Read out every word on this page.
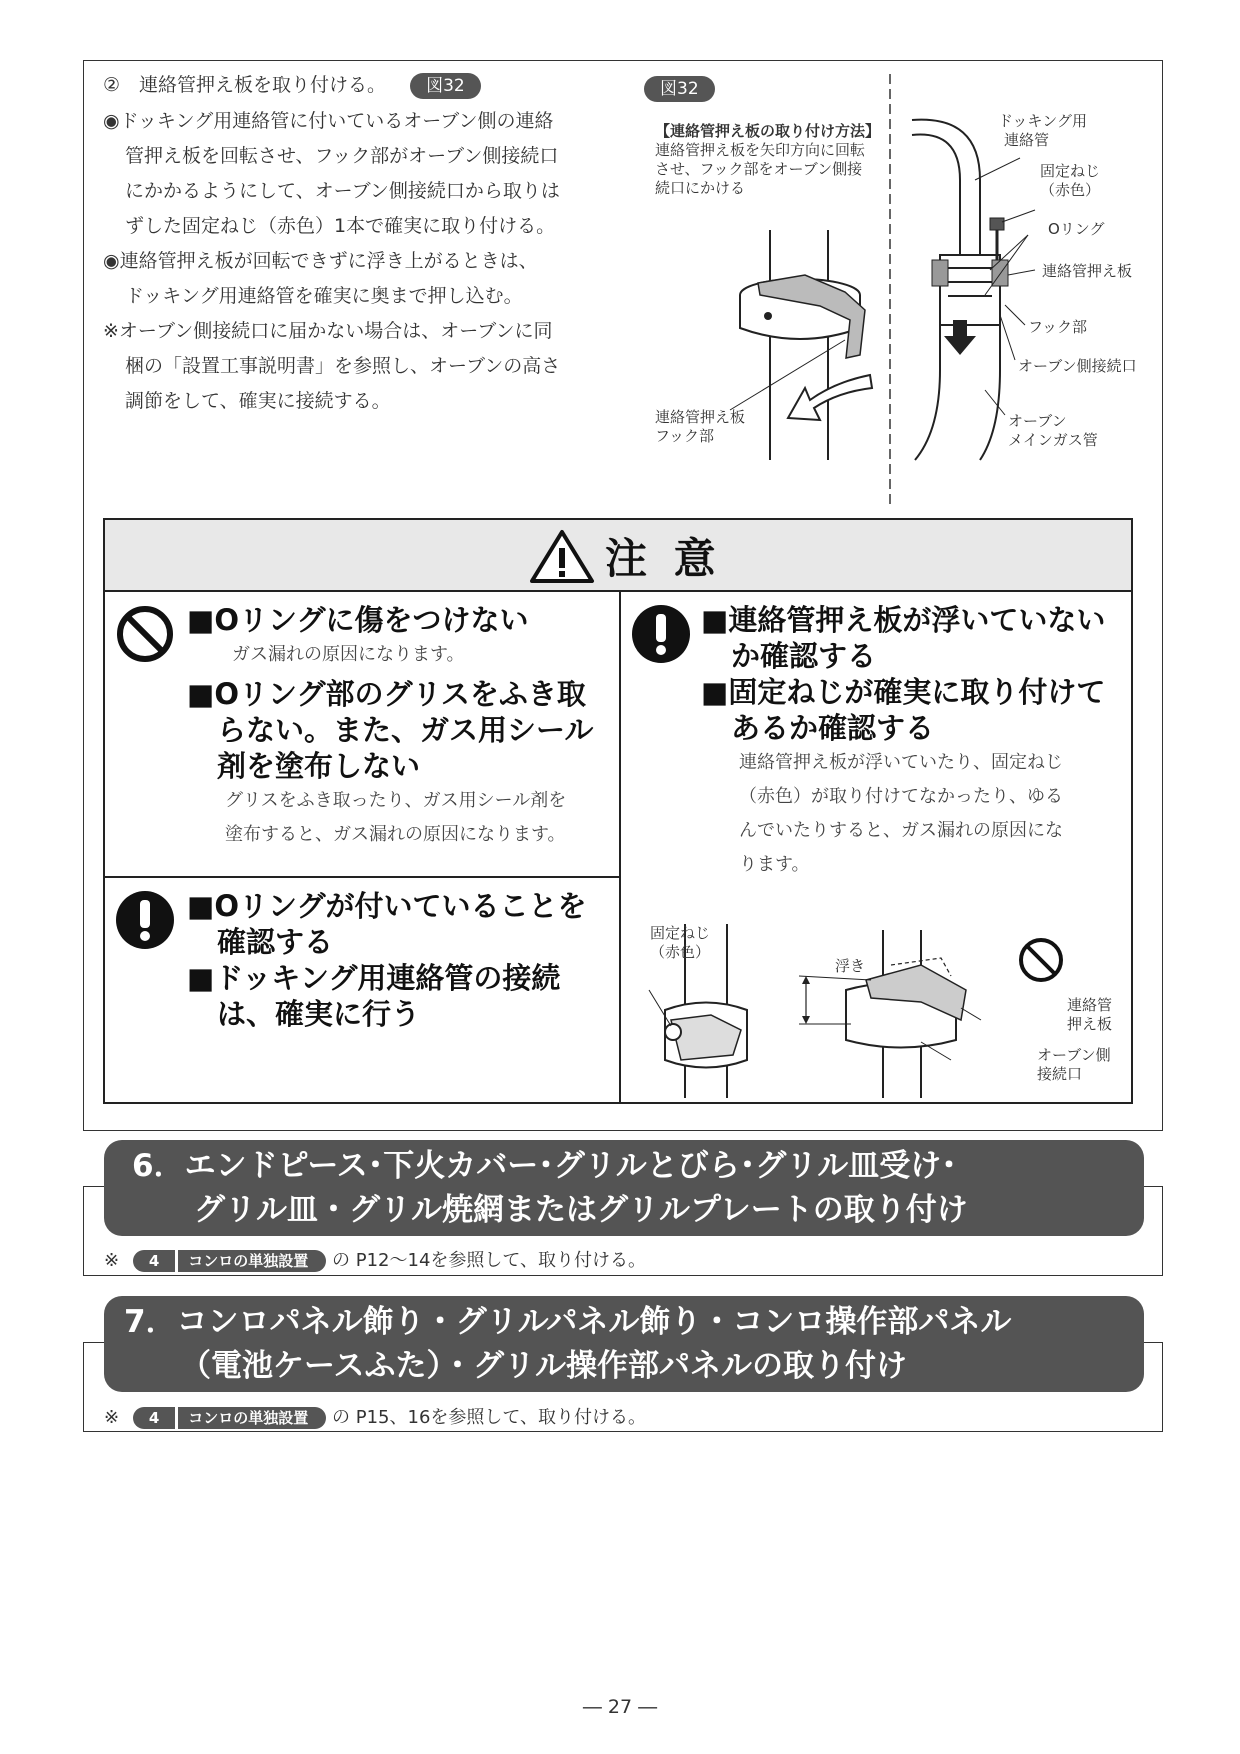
②　連絡管押え板を取り付ける。 図32
◉ドッキング用連絡管に付いているオーブン側の連絡
管押え板を回転させ、フック部がオーブン側接続口
にかかるようにして、オーブン側接続口から取りは
ずした固定ねじ（赤色）1本で確実に取り付ける。
◉連絡管押え板が回転できずに浮き上がるときは、
ドッキング用連絡管を確実に奥まで押し込む。
※オーブン側接続口に届かない場合は、オーブンに同
梱の「設置工事説明書」を参照し、オーブンの高さ
調節をして、確実に接続する。
図32
【連絡管押え板の取り付け方法】
連絡管押え板を矢印方向に回転
させ、フック部をオーブン側接
続口にかける
連絡管押え板
フック部
ドッキング用
連絡管
固定ねじ
（赤色）
Oリング
連絡管押え板
フック部
オーブン側接続口
オーブン
メインガス管
注 意
■Oリングに傷をつけない
ガス漏れの原因になります。
■Oリング部のグリスをふき取
らない。また、ガス用シール
剤を塗布しない
グリスをふき取ったり、ガス用シール剤を
塗布すると、ガス漏れの原因になります。
■Oリングが付いていることを
確認する
■ドッキング用連絡管の接続
は、確実に行う
■連絡管押え板が浮いていない
か確認する
■固定ねじが確実に取り付けて
あるか確認する
連絡管押え板が浮いていたり、固定ねじ
（赤色）が取り付けてなかったり、ゆる
んでいたりすると、ガス漏れの原因にな
ります。
固定ねじ
（赤色）
浮き
連絡管
押え板
オーブン側
接続口
6．エンドピース･下火カバー･グリルとびら･グリル皿受け･
グリル皿・グリル焼網またはグリルプレートの取り付け
※ 4 コンロの単独設置 の P12〜14を参照して、取り付ける。
7．コンロパネル飾り・グリルパネル飾り・コンロ操作部パネル
（電池ケースふた）・グリル操作部パネルの取り付け
※ 4 コンロの単独設置 の P15、16を参照して、取り付ける。
― 27 ―
